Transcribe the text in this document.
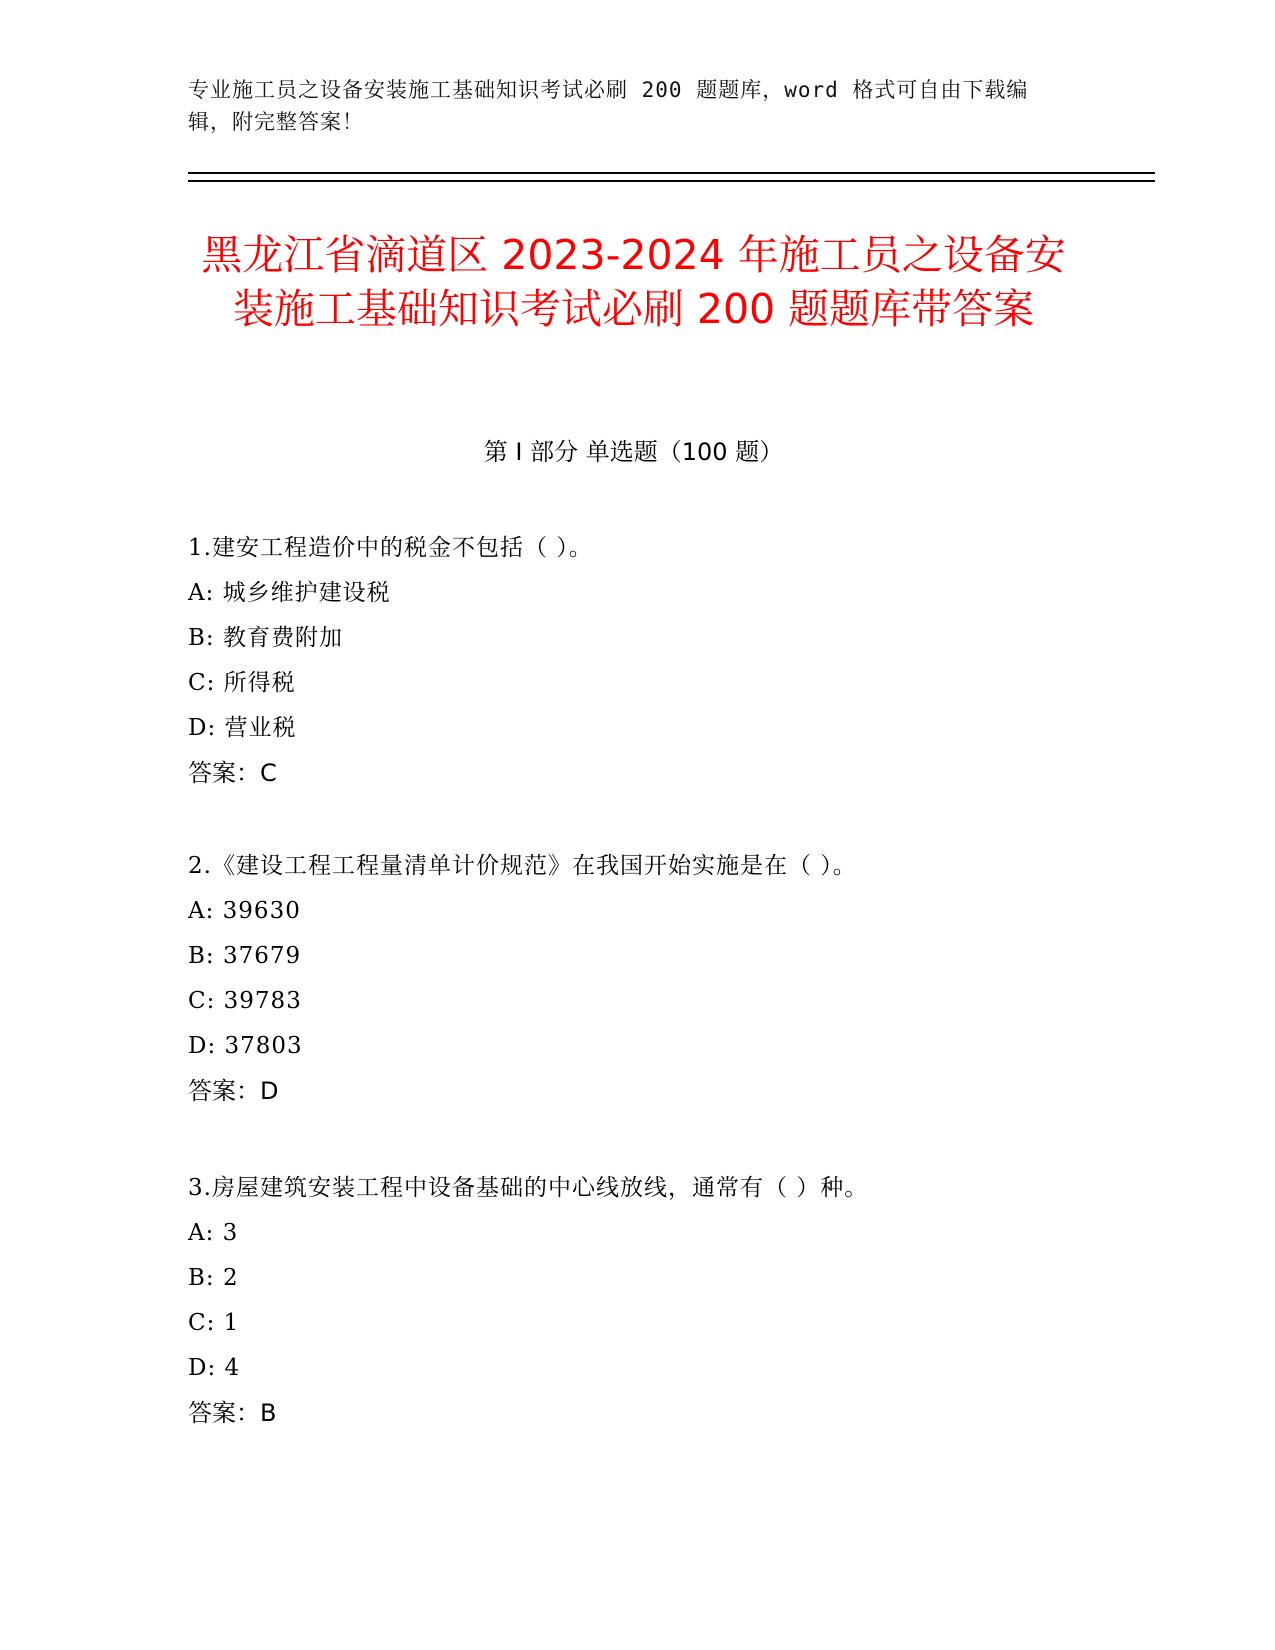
专业施工员之设备安装施工基础知识考试必刷 200 题题库，word 格式可自由下载编辑，附完整答案！
黑龙江省滴道区 2023-2024 年施工员之设备安装施工基础知识考试必刷 200 题题库带答案
第 I 部分 单选题（100 题）
1.建安工程造价中的税金不包括（ ）。
A: 城乡维护建设税
B: 教育费附加
C: 所得税
D: 营业税
答案：C
2.《建设工程工程量清单计价规范》在我国开始实施是在（ ）。
A: 39630
B: 37679
C: 39783
D: 37803
答案：D
3.房屋建筑安装工程中设备基础的中心线放线，通常有（ ）种。
A: 3
B: 2
C: 1
D: 4
答案：B
